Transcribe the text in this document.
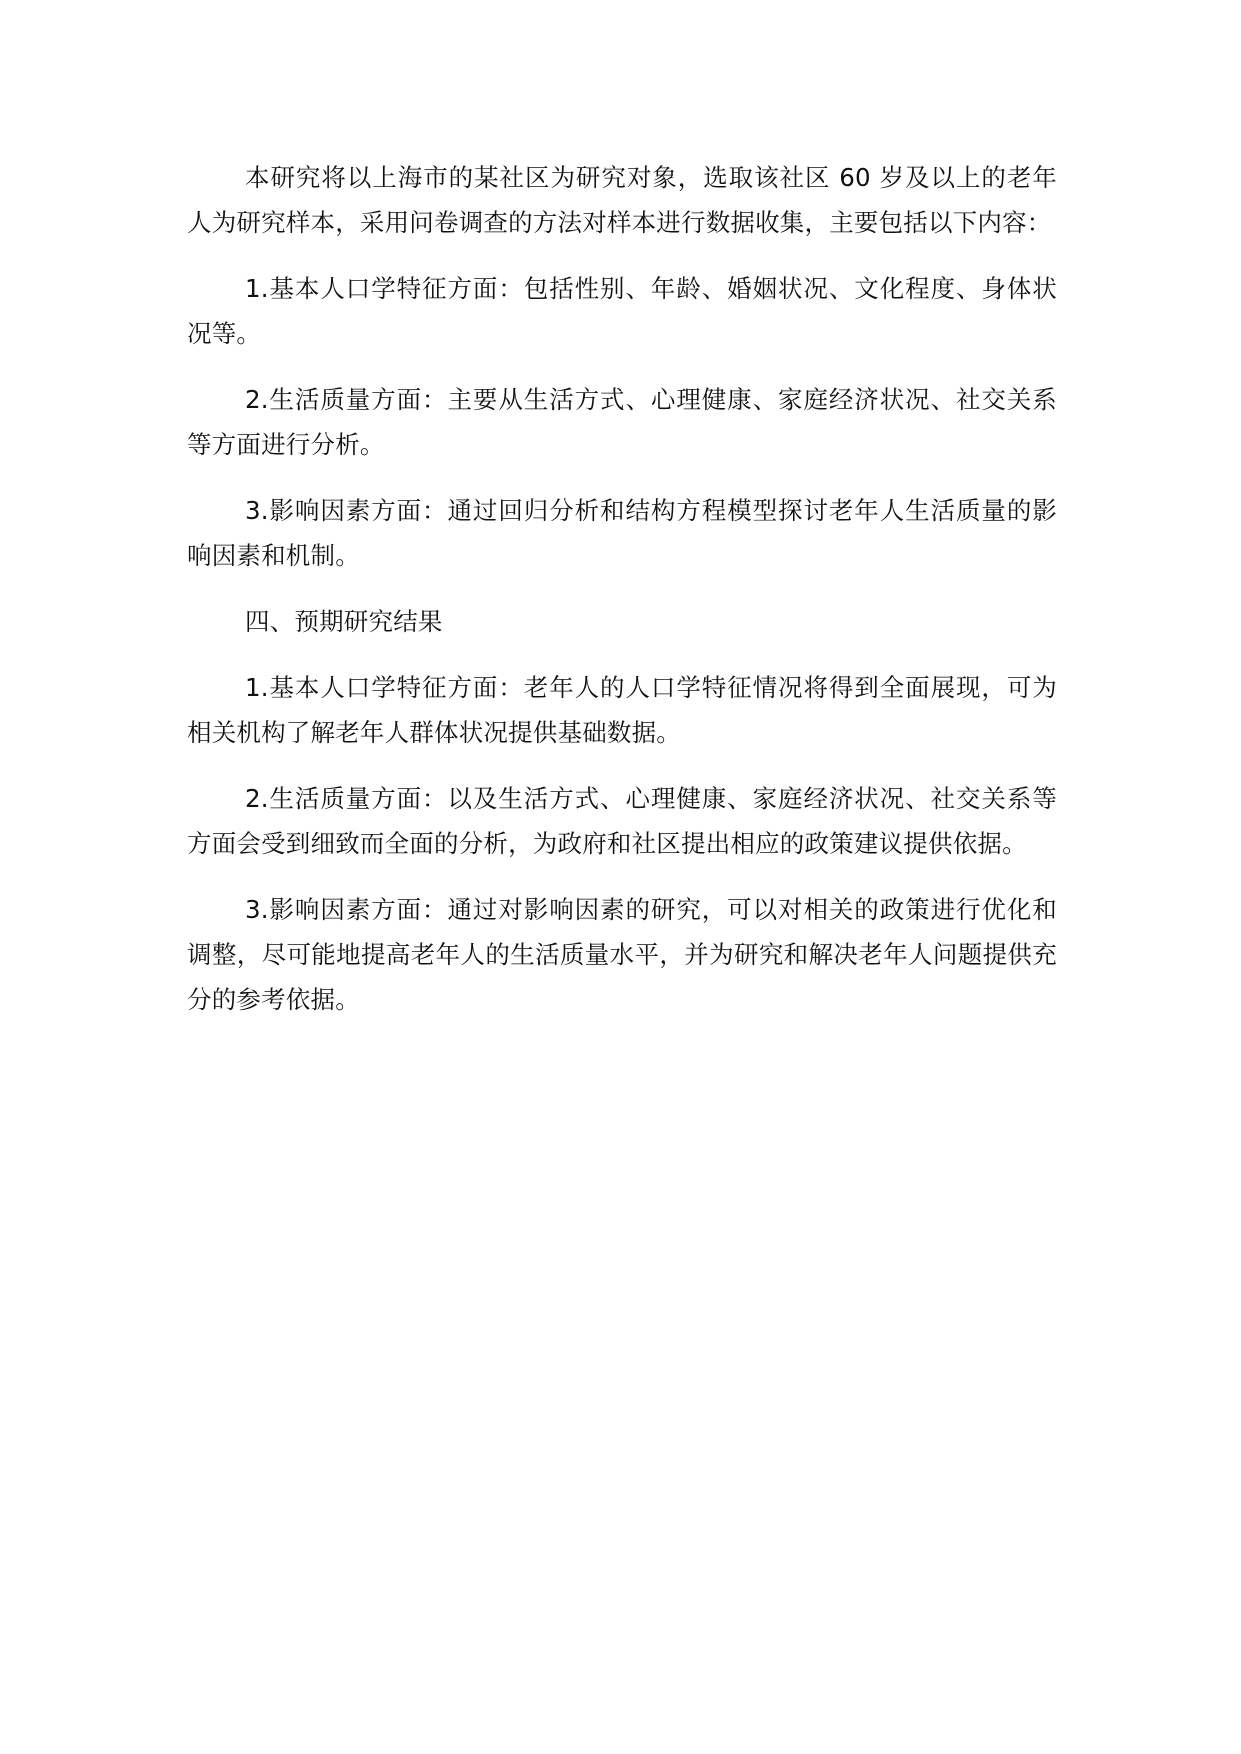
本研究将以上海市的某社区为研究对象，选取该社区 60 岁及以上的老年人为研究样本，采用问卷调查的方法对样本进行数据收集，主要包括以下内容：

1.基本人口学特征方面：包括性别、年龄、婚姻状况、文化程度、身体状况等。

2.生活质量方面：主要从生活方式、心理健康、家庭经济状况、社交关系等方面进行分析。

3.影响因素方面：通过回归分析和结构方程模型探讨老年人生活质量的影响因素和机制。

四、预期研究结果

1.基本人口学特征方面：老年人的人口学特征情况将得到全面展现，可为相关机构了解老年人群体状况提供基础数据。

2.生活质量方面：以及生活方式、心理健康、家庭经济状况、社交关系等方面会受到细致而全面的分析，为政府和社区提出相应的政策建议提供依据。

3.影响因素方面：通过对影响因素的研究，可以对相关的政策进行优化和调整，尽可能地提高老年人的生活质量水平，并为研究和解决老年人问题提供充分的参考依据。
